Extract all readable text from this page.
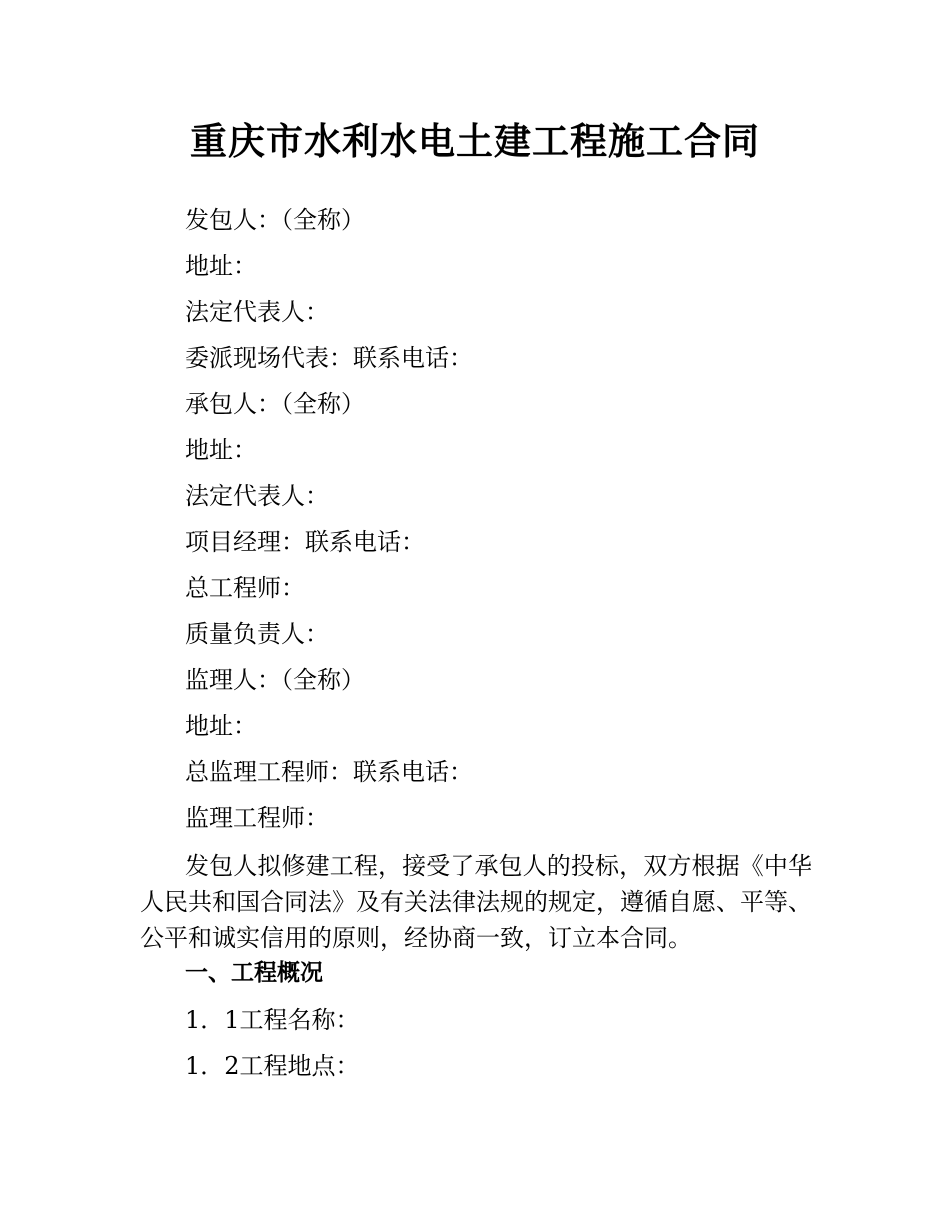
重庆市水利水电土建工程施工合同
发包人：（全称）
地址：
法定代表人：
委派现场代表：联系电话：
承包人：（全称）
地址：
法定代表人：
项目经理：联系电话：
总工程师：
质量负责人：
监理人：（全称）
地址：
总监理工程师：联系电话：
监理工程师：
发包人拟修建工程，接受了承包人的投标，双方根据《中华人民共和国合同法》及有关法律法规的规定，遵循自愿、平等、公平和诚实信用的原则，经协商一致，订立本合同。
一、工程概况
1．1工程名称：
1．2工程地点：
